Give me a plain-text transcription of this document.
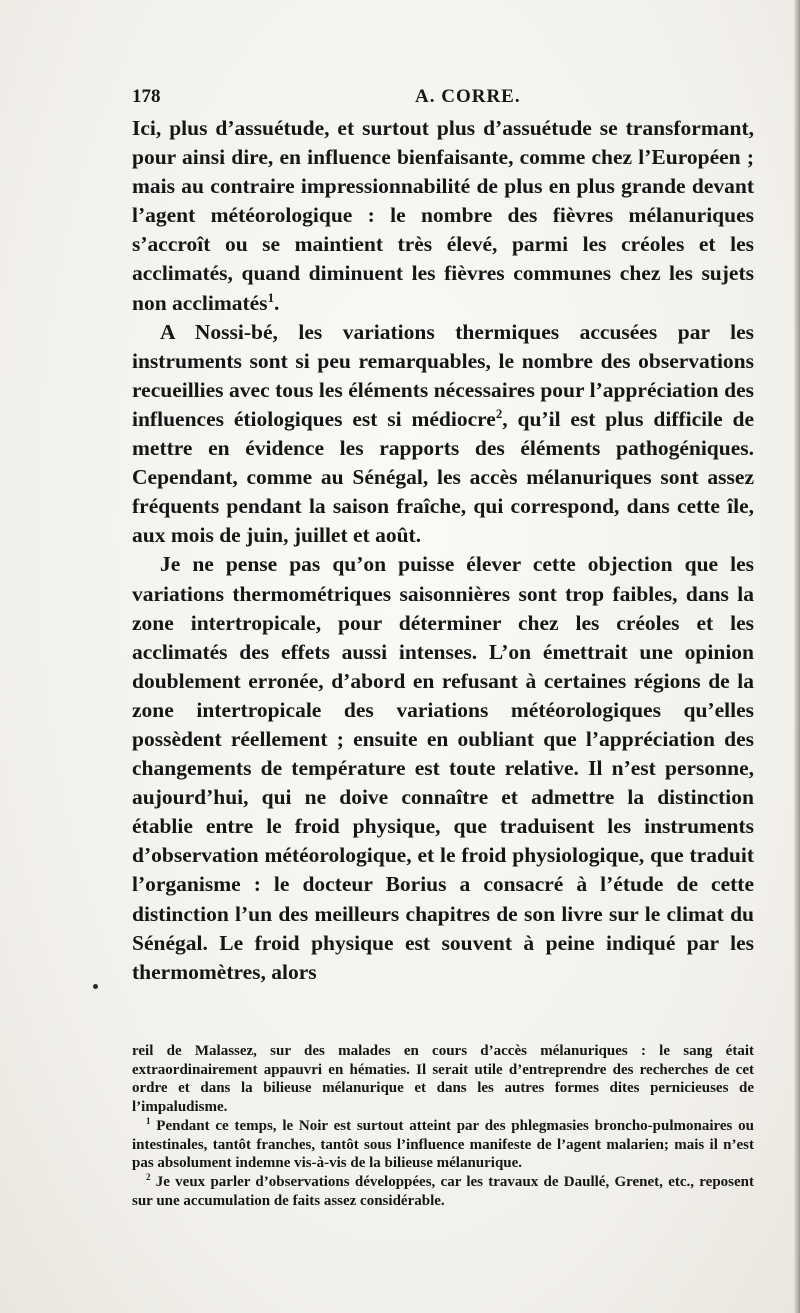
178	A. CORRE.

Ici, plus d’assuétude, et surtout plus d’assuétude se transformant, pour ainsi dire, en influence bienfaisante, comme chez l’Européen ; mais au contraire impressionnabilité de plus en plus grande devant l’agent météorologique : le nombre des fièvres mélanuriques s’accroît ou se maintient très élevé, parmi les créoles et les acclimatés, quand diminuent les fièvres communes chez les sujets non acclimatés$^1$.

A Nossi-bé, les variations thermiques accusées par les instruments sont si peu remarquables, le nombre des observations recueillies avec tous les éléments nécessaires pour l’appréciation des influences étiologiques est si médiocre$^2$, qu’il est plus difficile de mettre en évidence les rapports des éléments pathogéniques. Cependant, comme au Sénégal, les accès mélanuriques sont assez fréquents pendant la saison fraîche, qui correspond, dans cette île, aux mois de juin, juillet et août.

Je ne pense pas qu’on puisse élever cette objection que les variations thermométriques saisonnières sont trop faibles, dans la zone intertropicale, pour déterminer chez les créoles et les acclimatés des effets aussi intenses. L’on émettrait une opinion doublement erronée, d’abord en refusant à certaines régions de la zone intertropicale des variations météorologiques qu’elles possèdent réellement ; ensuite en oubliant que l’appréciation des changements de température est toute relative. Il n’est personne, aujourd’hui, qui ne doive connaître et admettre la distinction établie entre le froid physique, que traduisent les instruments d’observation météorologique, et le froid physiologique, que traduit l’organisme : le docteur Borius a consacré à l’étude de cette distinction l’un des meilleurs chapitres de son livre sur le climat du Sénégal. Le froid physique est souvent à peine indiqué par les thermomètres, alors

reil de Malassez, sur des malades en cours d’accès mélanuriques : le sang était extraordinairement appauvri en hématies. Il serait utile d’entreprendre des recherches de cet ordre et dans la bilieuse mélanurique et dans les autres formes dites pernicieuses de l’impaludisme.

$^1$ Pendant ce temps, le Noir est surtout atteint par des phlegmasies broncho-pulmonaires ou intestinales, tantôt franches, tantôt sous l’influence manifeste de l’agent malarien; mais il n’est pas absolument indemne vis-à-vis de la bilieuse mélanurique.

$^2$ Je veux parler d’observations développées, car les travaux de Daullé, Grenet, etc., reposent sur une accumulation de faits assez considérable.
